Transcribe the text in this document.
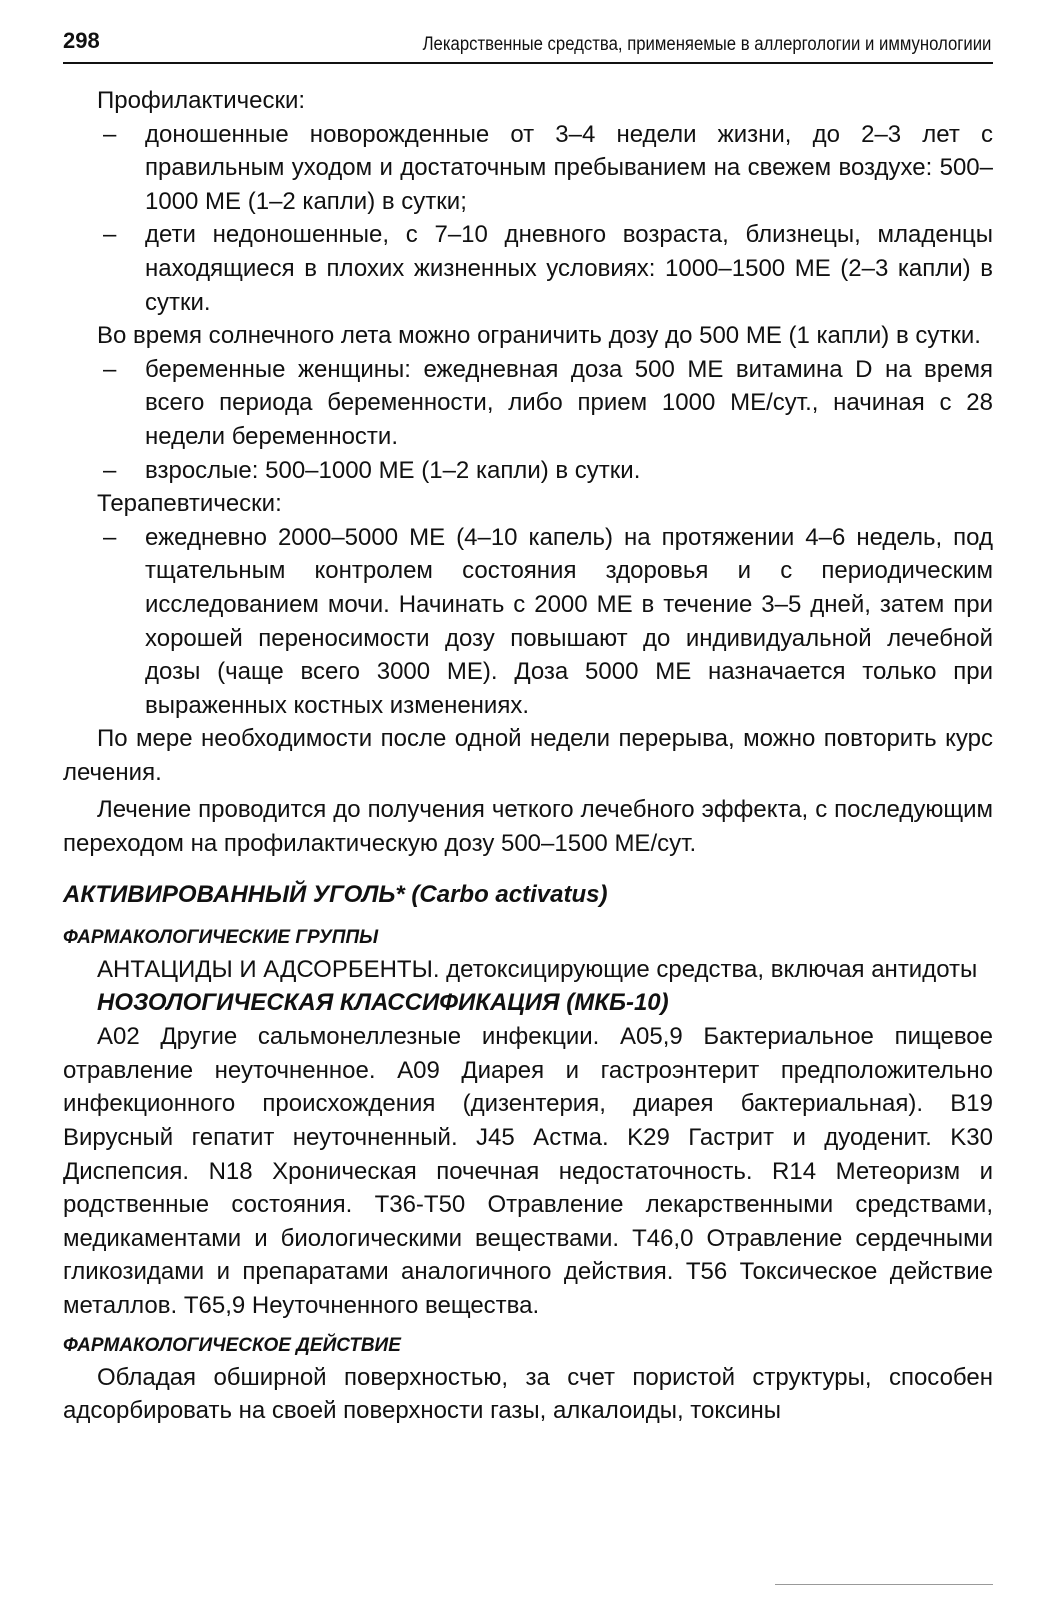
298	Лекарственные средства, применяемые в аллергологии и иммунологиии

Профилактически:

– доношенные новорожденные от 3–4 недели жизни, до 2–3 лет с правильным уходом и достаточным пребыванием на свежем воздухе: 500–1000 МЕ (1–2 капли) в сутки;
– дети недоношенные, с 7–10 дневного возраста, близнецы, младенцы находящиеся в плохих жизненных условиях: 1000–1500 МЕ (2–3 капли) в сутки.

Во время солнечного лета можно ограничить дозу до 500 МЕ (1 капли) в сутки.

– беременные женщины: ежедневная доза 500 МЕ витамина D на время всего периода беременности, либо прием 1000 МЕ/сут., начиная с 28 недели беременности.
– взрослые: 500–1000 МЕ (1–2 капли) в сутки.

Терапевтически:

– ежедневно 2000–5000 МЕ (4–10 капель) на протяжении 4–6 недель, под тщательным контролем состояния здоровья и с периодическим исследованием мочи. Начинать с 2000 МЕ в течение 3–5 дней, затем при хорошей переносимости дозу повышают до индивидуальной лечебной дозы (чаще всего 3000 МЕ). Доза 5000 МЕ назначается только при выраженных костных изменениях.

По мере необходимости после одной недели перерыва, можно повторить курс лечения.

Лечение проводится до получения четкого лечебного эффекта, с последующим переходом на профилактическую дозу 500–1500 МЕ/сут.

АКТИВИРОВАННЫЙ УГОЛЬ* (Carbo activatus)
ФАРМАКОЛОГИЧЕСКИЕ ГРУППЫ

АНТАЦИДЫ И АДСОРБЕНТЫ. детоксицирующие средства, включая антидоты

НОЗОЛОГИЧЕСКАЯ КЛАССИФИКАЦИЯ (МКБ-10)

A02 Другие сальмонеллезные инфекции. A05,9 Бактериальное пищевое отравление неуточненное. A09 Диарея и гастроэнтерит предположительно инфекционного происхождения (дизентерия, диарея бактериальная). B19 Вирусный гепатит неуточненный. J45 Астма. K29 Гастрит и дуоденит. K30 Диспепсия. N18 Хроническая почечная недостаточность. R14 Метеоризм и родственные состояния. T36-T50 Отравление лекарственными средствами, медикаментами и биологическими веществами. T46,0 Отравление сердечными гликозидами и препаратами аналогичного действия. T56 Токсическое действие металлов. T65,9 Неуточненного вещества.

ФАРМАКОЛОГИЧЕСКОЕ ДЕЙСТВИЕ

Обладая обширной поверхностью, за счет пористой структуры, способен адсорбировать на своей поверхности газы, алкалоиды, токсины
